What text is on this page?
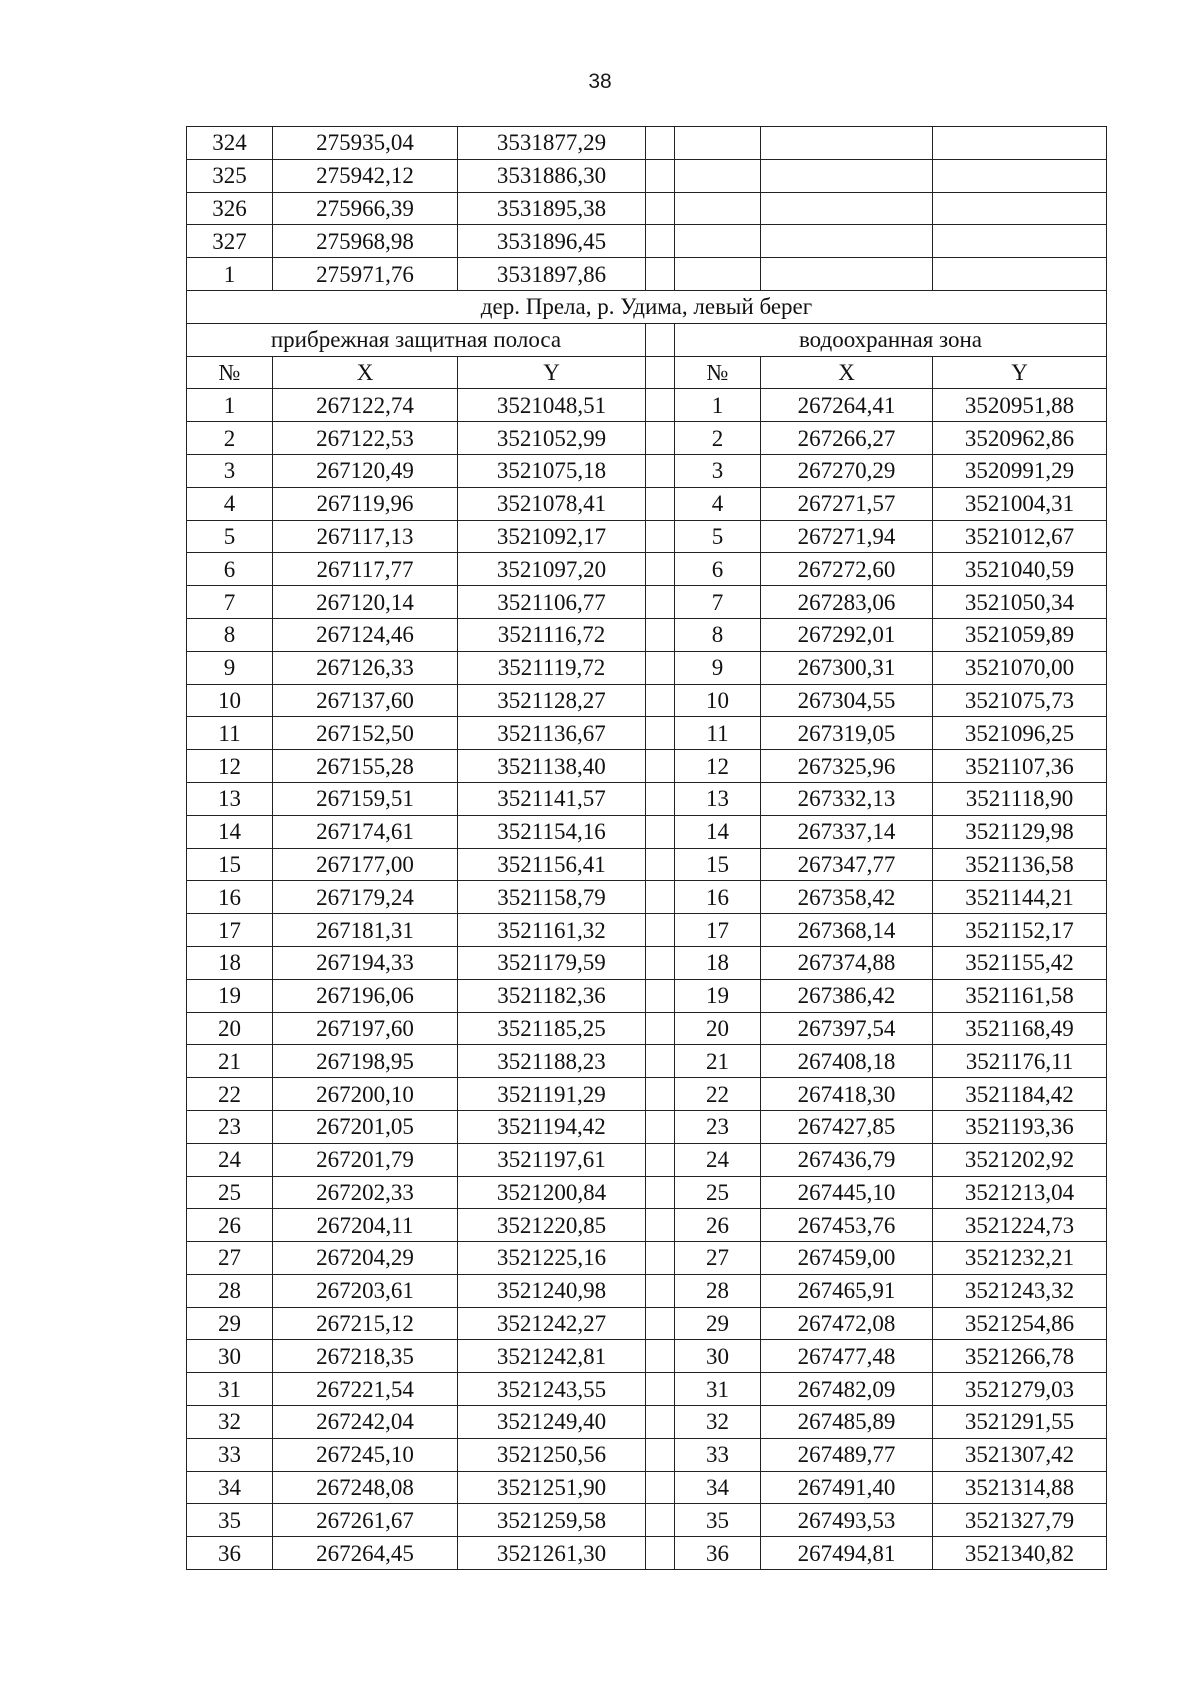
38
324	275935,04	3531877,29				
325	275942,12	3531886,30				
326	275966,39	3531895,38				
327	275968,98	3531896,45				
1	275971,76	3531897,86				
дер. Прела, р. Удима, левый берег						
прибрежная защитная полоса				водоохранная зона		
№	X	Y		№	X	Y
1	267122,74	3521048,51		1	267264,41	3520951,88
2	267122,53	3521052,99		2	267266,27	3520962,86
3	267120,49	3521075,18		3	267270,29	3520991,29
4	267119,96	3521078,41		4	267271,57	3521004,31
5	267117,13	3521092,17		5	267271,94	3521012,67
6	267117,77	3521097,20		6	267272,60	3521040,59
7	267120,14	3521106,77		7	267283,06	3521050,34
8	267124,46	3521116,72		8	267292,01	3521059,89
9	267126,33	3521119,72		9	267300,31	3521070,00
10	267137,60	3521128,27		10	267304,55	3521075,73
11	267152,50	3521136,67		11	267319,05	3521096,25
12	267155,28	3521138,40		12	267325,96	3521107,36
13	267159,51	3521141,57		13	267332,13	3521118,90
14	267174,61	3521154,16		14	267337,14	3521129,98
15	267177,00	3521156,41		15	267347,77	3521136,58
16	267179,24	3521158,79		16	267358,42	3521144,21
17	267181,31	3521161,32		17	267368,14	3521152,17
18	267194,33	3521179,59		18	267374,88	3521155,42
19	267196,06	3521182,36		19	267386,42	3521161,58
20	267197,60	3521185,25		20	267397,54	3521168,49
21	267198,95	3521188,23		21	267408,18	3521176,11
22	267200,10	3521191,29		22	267418,30	3521184,42
23	267201,05	3521194,42		23	267427,85	3521193,36
24	267201,79	3521197,61		24	267436,79	3521202,92
25	267202,33	3521200,84		25	267445,10	3521213,04
26	267204,11	3521220,85		26	267453,76	3521224,73
27	267204,29	3521225,16		27	267459,00	3521232,21
28	267203,61	3521240,98		28	267465,91	3521243,32
29	267215,12	3521242,27		29	267472,08	3521254,86
30	267218,35	3521242,81		30	267477,48	3521266,78
31	267221,54	3521243,55		31	267482,09	3521279,03
32	267242,04	3521249,40		32	267485,89	3521291,55
33	267245,10	3521250,56		33	267489,77	3521307,42
34	267248,08	3521251,90		34	267491,40	3521314,88
35	267261,67	3521259,58		35	267493,53	3521327,79
36	267264,45	3521261,30		36	267494,81	3521340,82
